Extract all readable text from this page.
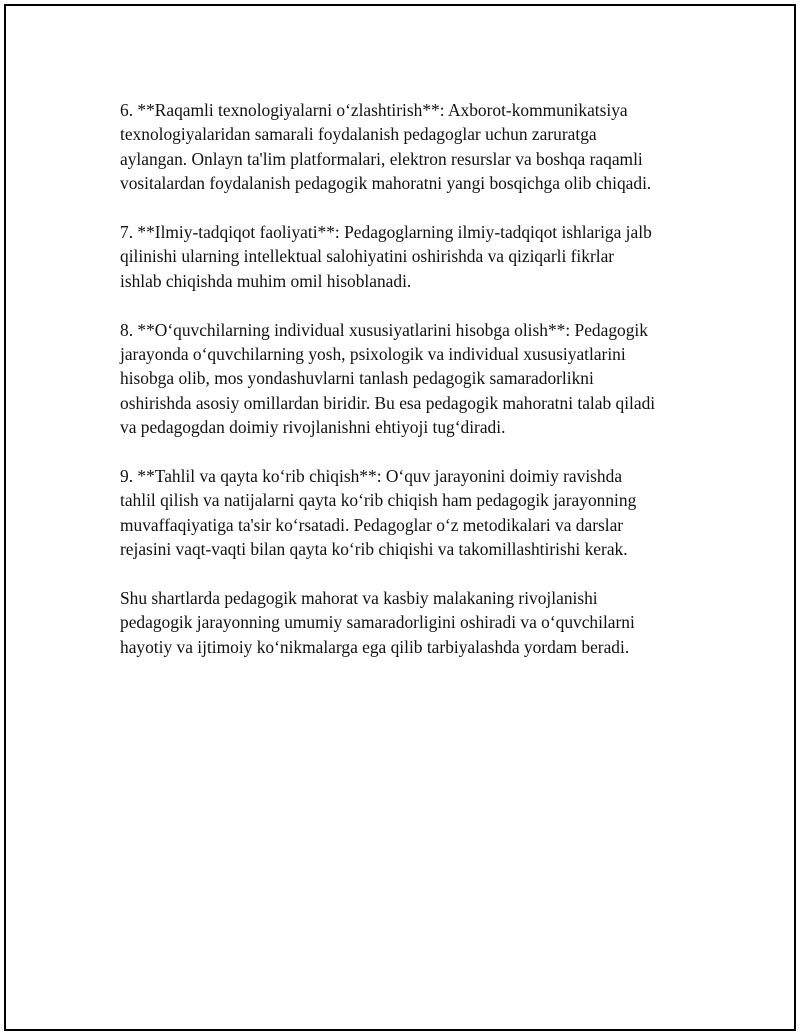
6. **Raqamli texnologiyalarni o‘zlashtirish**: Axborot-kommunikatsiya
texnologiyalaridan samarali foydalanish pedagoglar uchun zaruratga
aylangan. Onlayn ta'lim platformalari, elektron resurslar va boshqa raqamli
vositalardan foydalanish pedagogik mahoratni yangi bosqichga olib chiqadi.

7. **Ilmiy-tadqiqot faoliyati**: Pedagoglarning ilmiy-tadqiqot ishlariga jalb
qilinishi ularning intellektual salohiyatini oshirishda va qiziqarli fikrlar
ishlab chiqishda muhim omil hisoblanadi.

8. **O‘quvchilarning individual xususiyatlarini hisobga olish**: Pedagogik
jarayonda o‘quvchilarning yosh, psixologik va individual xususiyatlarini
hisobga olib, mos yondashuvlarni tanlash pedagogik samaradorlikni
oshirishda asosiy omillardan biridir. Bu esa pedagogik mahoratni talab qiladi
va pedagogdan doimiy rivojlanishni ehtiyoji tug‘diradi.

9. **Tahlil va qayta ko‘rib chiqish**: O‘quv jarayonini doimiy ravishda
tahlil qilish va natijalarni qayta ko‘rib chiqish ham pedagogik jarayonning
muvaffaqiyatiga ta'sir ko‘rsatadi. Pedagoglar o‘z metodikalari va darslar
rejasini vaqt-vaqti bilan qayta ko‘rib chiqishi va takomillashtirishi kerak.

Shu shartlarda pedagogik mahorat va kasbiy malakaning rivojlanishi
pedagogik jarayonning umumiy samaradorligini oshiradi va o‘quvchilarni
hayotiy va ijtimoiy ko‘nikmalarga ega qilib tarbiyalashda yordam beradi.
